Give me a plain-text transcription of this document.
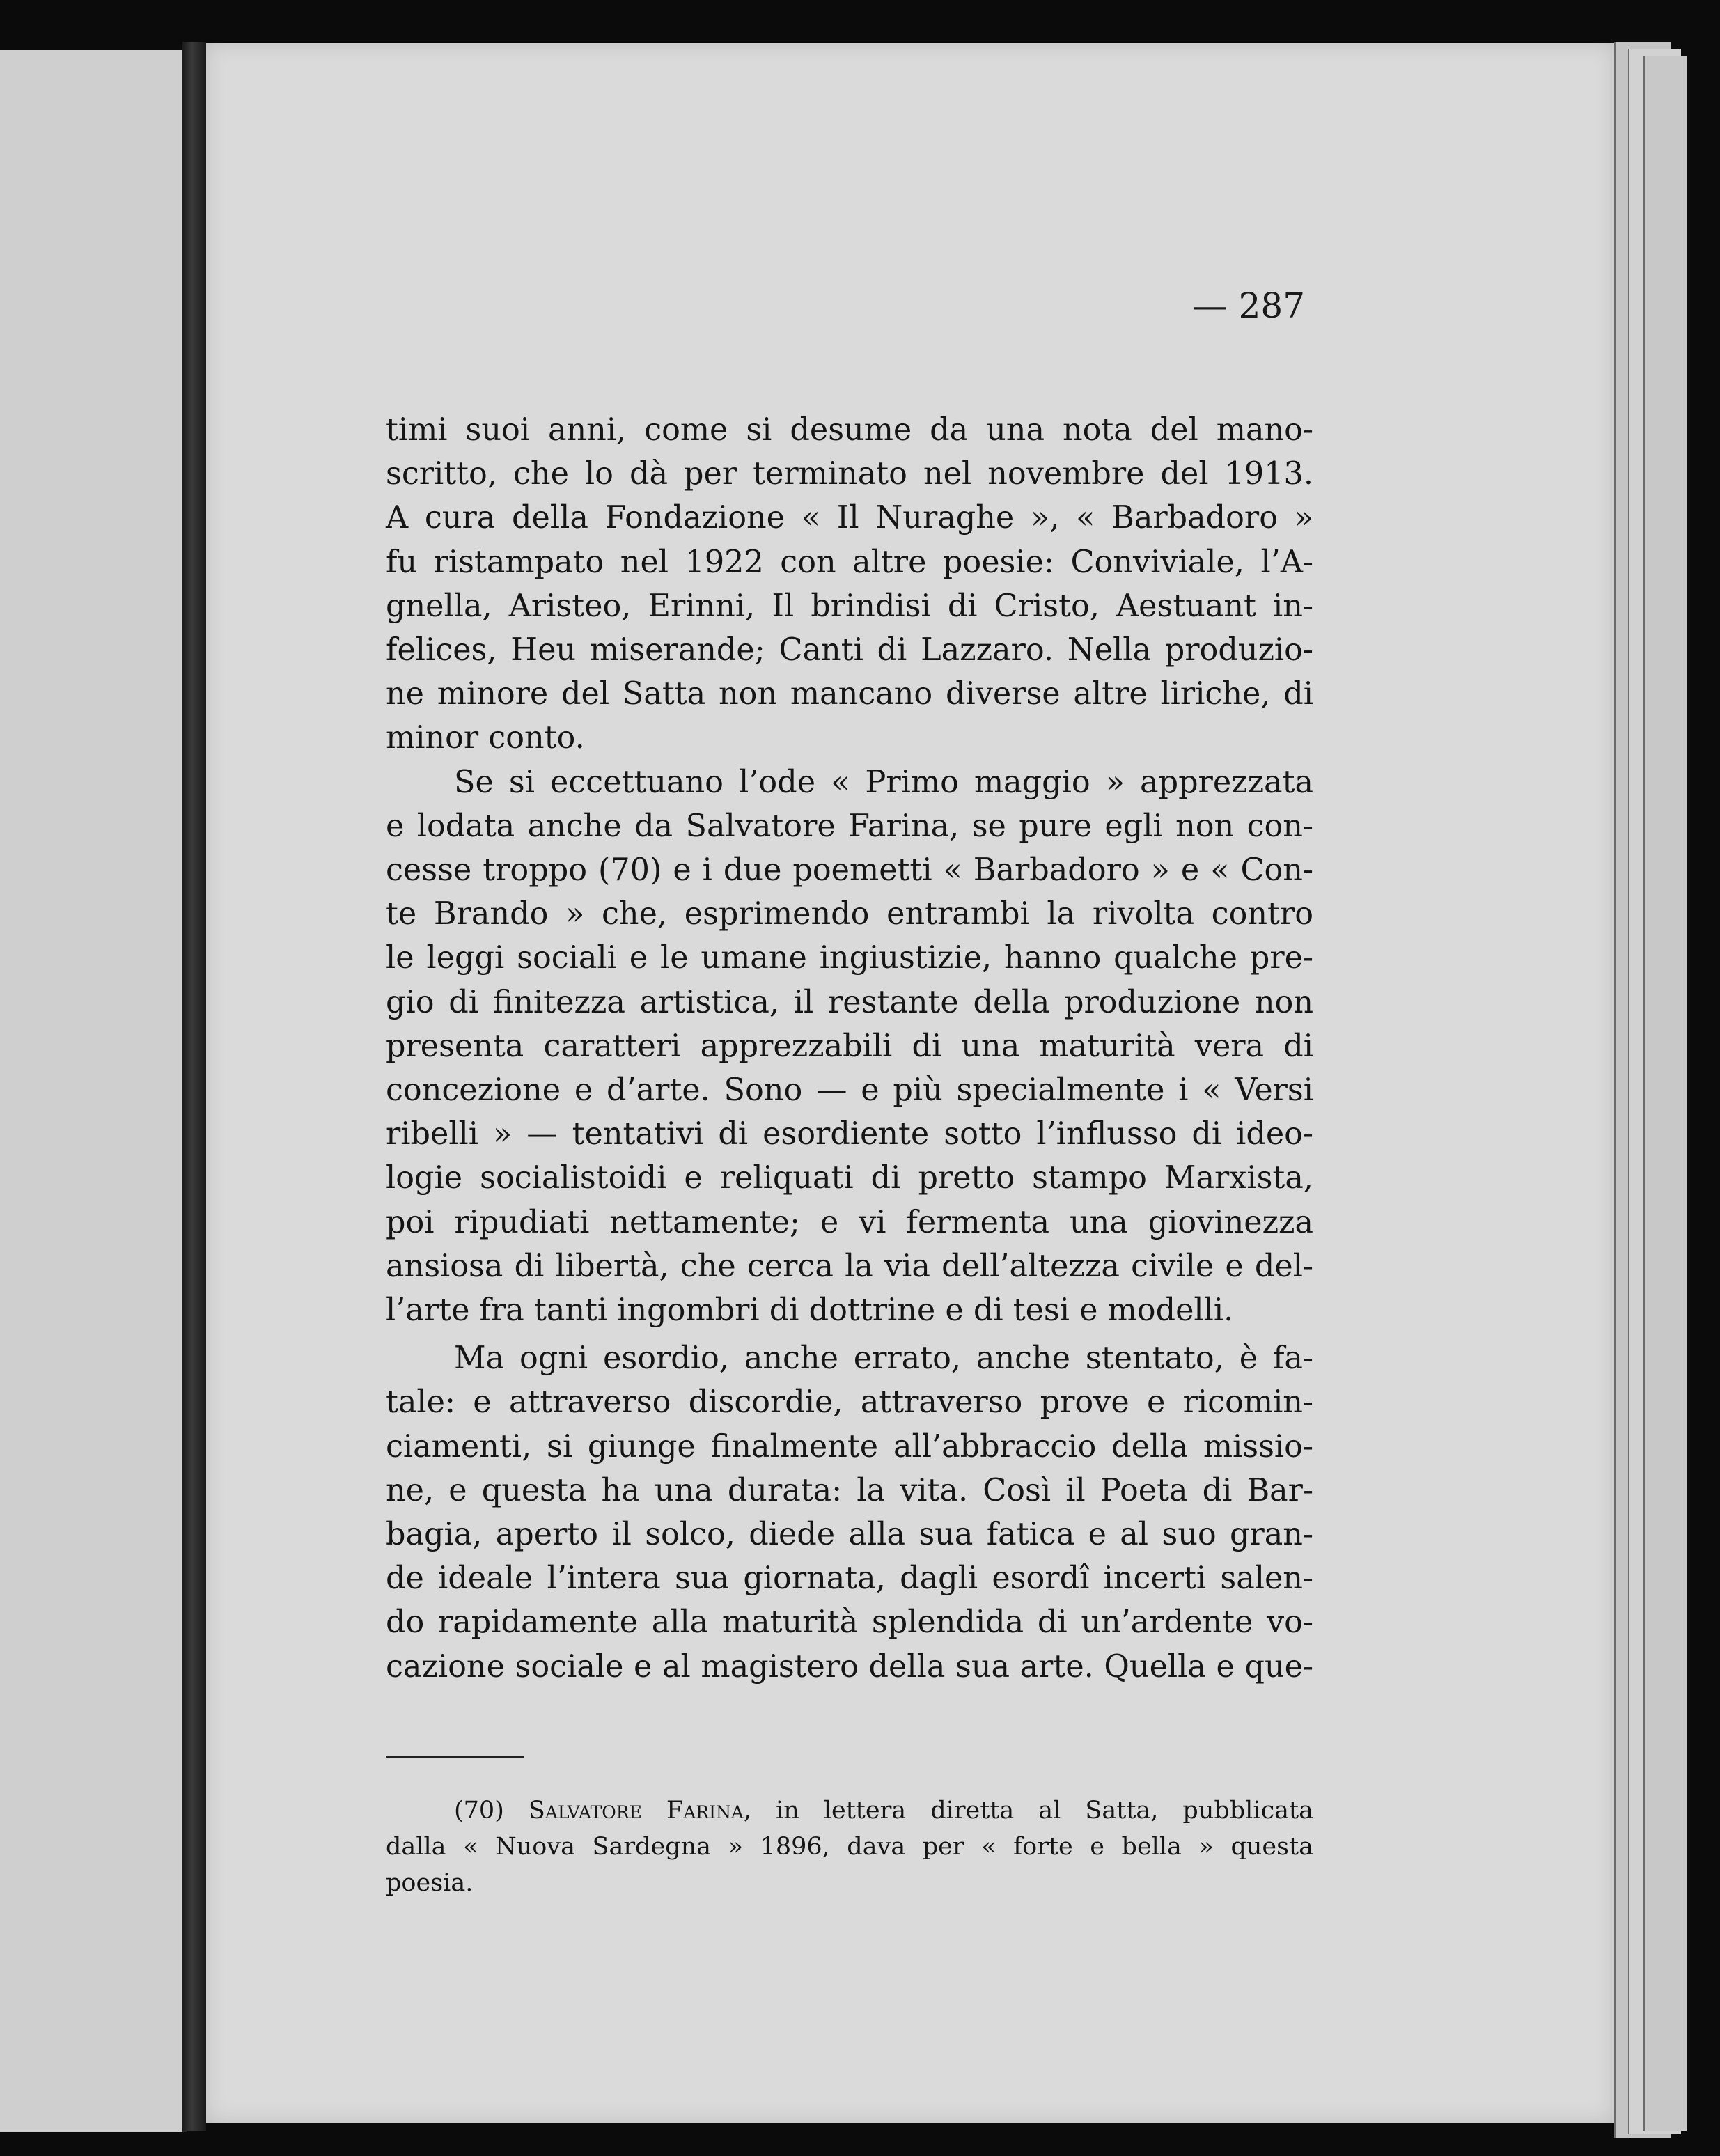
— 287
timi suoi anni, come si desume da una nota del mano-
scritto, che lo dà per terminato nel novembre del 1913.
A cura della Fondazione « Il Nuraghe », « Barbadoro »
fu ristampato nel 1922 con altre poesie: Conviviale, l’A-
gnella, Aristeo, Erinni, Il brindisi di Cristo, Aestuant in-
felices, Heu miserande; Canti di Lazzaro. Nella produzio-
ne minore del Satta non mancano diverse altre liriche, di
minor conto.
Se si eccettuano l’ode « Primo maggio » apprezzata
e lodata anche da Salvatore Farina, se pure egli non con-
cesse troppo (70) e i due poemetti « Barbadoro » e « Con-
te Brando » che, esprimendo entrambi la rivolta contro
le leggi sociali e le umane ingiustizie, hanno qualche pre-
gio di finitezza artistica, il restante della produzione non
presenta caratteri apprezzabili di una maturità vera di
concezione e d’arte. Sono — e più specialmente i « Versi
ribelli » — tentativi di esordiente sotto l’influsso di ideo-
logie socialistoidi e reliquati di pretto stampo Marxista,
poi ripudiati nettamente; e vi fermenta una giovinezza
ansiosa di libertà, che cerca la via dell’altezza civile e del-
l’arte fra tanti ingombri di dottrine e di tesi e modelli.
Ma ogni esordio, anche errato, anche stentato, è fa-
tale: e attraverso discordie, attraverso prove e ricomin-
ciamenti, si giunge finalmente all’abbraccio della missio-
ne, e questa ha una durata: la vita. Così il Poeta di Bar-
bagia, aperto il solco, diede alla sua fatica e al suo gran-
de ideale l’intera sua giornata, dagli esordî incerti salen-
do rapidamente alla maturità splendida di un’ardente vo-
cazione sociale e al magistero della sua arte. Quella e que-
(70) Salvatore Farina, in lettera diretta al Satta, pubblicata
dalla « Nuova Sardegna » 1896, dava per « forte e bella » questa
poesia.
